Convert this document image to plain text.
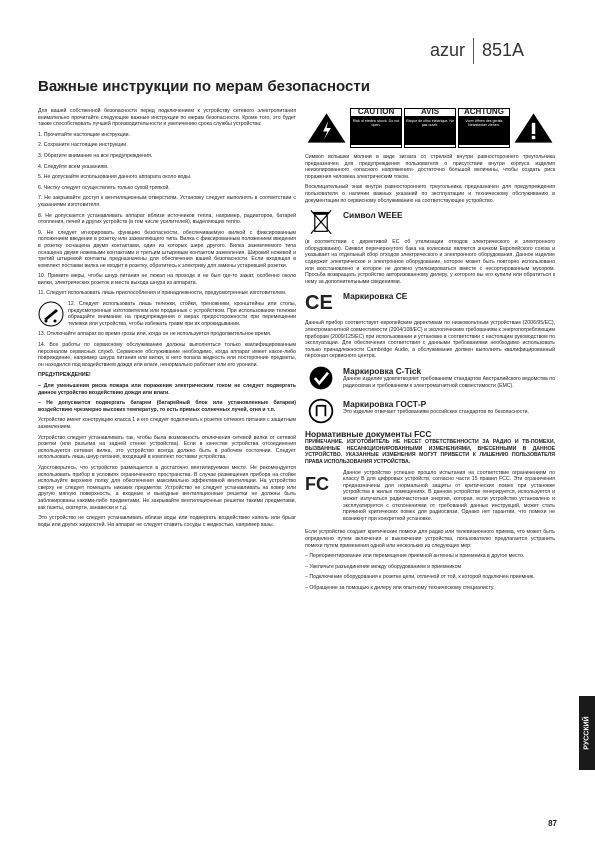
azur 851A
Важные инструкции по мерам безопасности

Для вашей собственной безопасности перед подключением к устройству сетевого электропитания внимательно прочитайте следующие важные инструкции по мерам безопасности. Кроме того, это будет также способствовать лучшей производительности и увеличению срока службы устройства:

1. Прочитайте настоящие инструкции.

2. Сохраните настоящие инструкции.

3. Обратите внимание на все предупреждения.

4. Следуйте всем указаниям.

5. Не допускайте использования данного аппарата около воды.

6. Чистку следует осуществлять только сухой тряпкой.

7. Не закрывайте доступ к вентиляционным отверстиям. Установку следует выполнять в соответствии с указаниями изготовителя.

8. Не допускается устанавливать аппарат вблизи источников тепла, например, радиаторов, батарей отопления, печей и других устройств (в том числе усилителей), выделяющих тепло.

9. Не следует игнорировать функцию безопасности, обеспечиваемую вилкой с фиксированным положением введения в розетку или заземляющего типа. Вилка с фиксированным положением введения в розетку оснащена двумя контактами, один из которых шире другого. Вилка заземляемого типа оснащена двумя ножевыми контактами и третьим штыревым контактом заземления. Широкий ножевой и третий штыревой контакты предназначены для обеспечения вашей безопасности. Если входящая в комплект поставки вилка не входит в розетку, обратитесь к электрику для замены устаревшей розетки.

10. Примите меры, чтобы шнур питания не лежал на проходе и не был где-то зажат, особенно около вилки, электрических розеток и места выхода шнура из аппарата.

11. Следует использовать лишь приспособления и принадлежности, предусмотренные изготовителем.

12. Следует использовать лишь тележки, стойки, треножники, кронштейны или столы, предусмотренные изготовителем или проданные с устройством. При использовании тележки обращайте внимание на предупреждения о мерах предосторожности при перемещении тележки или устройства, чтобы избежать травм при их опрокидывании.

13. Отключайте аппарат во время грозы или, когда он не используется продолжительное время.

14. Все работы по сервисному обслуживанию должны выполняться только квалифицированным персоналом сервисных служб. Сервисное обслуживание необходимо, когда аппарат имеет какое-либо повреждение, например шнура питания или вилки, в него попала жидкость или посторонние предметы, он находился под воздействием дождя или влаги, ненормально работает или его уронили.

ПРЕДУПРЕЖДЕНИЕ!

– Для уменьшения риска пожара или поражения электрическим током не следует подвергать данное устройство воздействию дождя или влаги.

– Не допускается подвергать батареи (батарейный блок или установленные батареи) воздействию чрезмерно высоких температур, то есть прямых солнечных лучей, огня и т.п.

Устройство имеет конструкцию класса 1 и его следует подключать к розетке сетевого питания с защитным заземлением.

Устройство следует устанавливать так, чтобы была возможность отключения сетевой вилки от сетевой розетки (или разъема на задней стенке устройства). Если в качестве устройства отсоединения используется сетевая вилка, это устройство всегда должно быть в рабочем состоянии. Следует использовать лишь шнур питания, входящий в комплект поставки устройства.

Удостоверьтесь, что устройство размещается в достаточно вентилируемом месте. Не рекомендуется использовать прибор в условиях ограниченного пространства. В случае размещения прибора на стойке используйте верхнюю полку для обеспечения максимально эффективной вентиляции. На устройство сверху не следует помещать никаких предметов. Устройство не следует устанавливать на ковер или другую мягкую поверхность, а входные и выходные вентиляционные решетки не должны быть заблокированы какими-либо предметами. Не закрывайте вентиляционные решетки такими предметами, как газеты, скатерти, занавески и т.д.

Это устройство не следует устанавливать вблизи воды или подвергать воздействию капель или брызг воды или других жидкостей. На аппарат не следует ставить сосуды с жидкостью, например вазы.

CAUTION
Risk of electric shock. Do not open.
AVIS
Risque de choc électrique. Ne pas ouvrir.
ACHTUNG
Vorm öffnen des geräts Netzstecker ziehen.

Символ вспышки молнии в виде зигзага со стрелкой внутри равностороннего треугольника предназначен для предупреждения пользователя о присутствии внутри корпуса изделия неизолированного «опасного напряжения» достаточно большой величины, чтобы создать риск поражения человека электрическим током.

Восклицательный знак внутри равностороннего треугольника предназначен для предупреждения пользователя о наличии важных указаний по эксплуатации и техническому обслуживанию в документации по сервисному обслуживанию на соответствующее устройство.

Символ WEEE

(в соответствии с директивой ЕС об утилизации отходов электрического и электронного оборудования). Символ перечеркнутого бака на колесиках является значком Европейского союза и указывает на отдельный сбор отходов электрического и электронного оборудования. Данное изделие содержит электрическое и электронное оборудование, которое может быть повторно использовано или восстановлено и которое не должно утилизироваться вместе с несортированным мусором. Просьба возвращать устройство авторизованному дилеру, у которого вы его купили или обратиться к нему за дополнительными сведениями.

CE	Маркировка CE

Данный прибор соответствует европейским директивам по низковольтным устройствам (2006/95/EC), электромагнитной совместимости (2004/108/EC) и экологическим требованиям к энергопотребляющим приборам (2009/125/EC) при использовании и установке в соответствии с настоящим руководством по эксплуатации. Для обеспечения соответствия с данными требованиями необходимо использовать только принадлежности Cambridge Audio, а обслуживание должен выполнять квалифицированный персонал сервисного центра.

Маркировка C-Tick

Данное изделие удовлетворяет требованиям стандартов Австралийского ведомства по радиосвязи и требованиям к электромагнитной совместимости (EMC).

Маркировка ГОСТ-Р

Это изделие отвечает требованиям российских стандартов по безопасности.

Нормативные документы FCC

ПРИМЕЧАНИЕ. ИЗГОТОВИТЕЛЬ НЕ НЕСЕТ ОТВЕТСТВЕННОСТИ ЗА РАДИО И ТВ-ПОМЕХИ, ВЫЗВАННЫЕ НЕСАНКЦИОНИРОВАННЫМИ ИЗМЕНЕНИЯМИ, ВНЕСЕННЫМИ В ДАННОЕ УСТРОЙСТВО. УКАЗАННЫЕ ИЗМЕНЕНИЯ МОГУТ ПРИВЕСТИ К ЛИШЕНИЮ ПОЛЬЗОВАТЕЛЯ ПРАВА ИСПОЛЬЗОВАНИЯ УСТРОЙСТВА.

FC

Данное устройство успешно прошло испытания на соответствие ограничениям по классу В для цифровых устройств, согласно части 15 правил FCC. Эти ограничения предназначены для нормальной защиты от критических помех при установке устройства в жилых помещениях. В данном устройстве генерируется, используется и может излучаться радиочастотная энергия, которая, если устройство установлено и эксплуатируется с отклонениями от требований данных инструкций, может стать причиной критических помех для радиосвязи. Однако нет гарантии, что помехи не возникнут при конкретной установке.

Если устройство создает критические помехи для радио или телевизионного приема, что может быть определено путем включения и выключения устройства, пользователю предлагается устранить помехи путем применения одной или нескольких из следующих мер:

– Переориентирование или перемещение приемной антенны и приемника в другое место.

– Увеличьте разъединение между оборудованием и приемником

– Подключение оборудования к розетке цепи, отличной от той, к которой подключен приемник.

– Обращение за помощью к дилеру или опытному техническому специалисту.

РУССКИЙ
87
